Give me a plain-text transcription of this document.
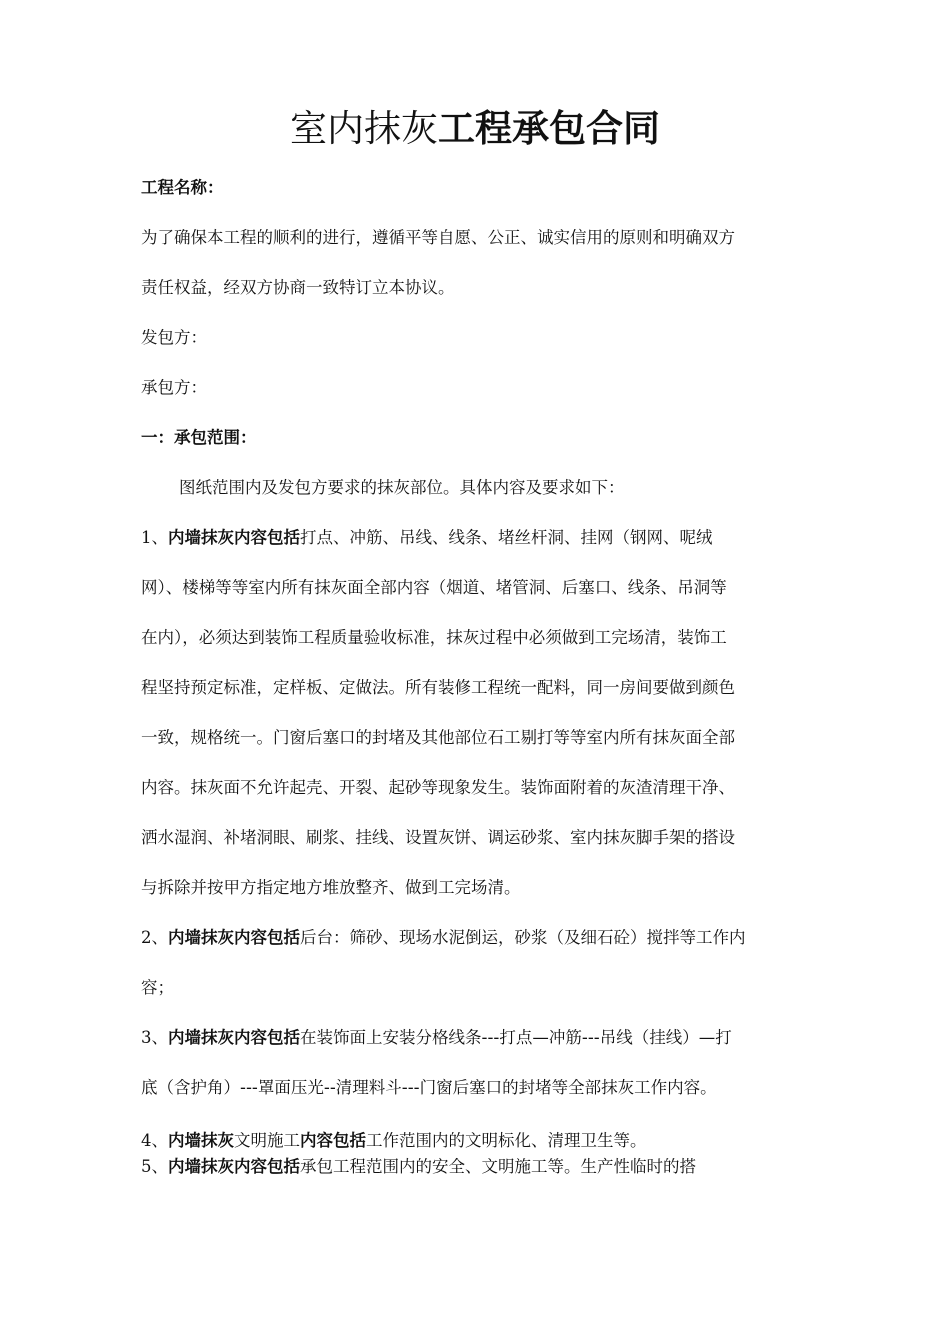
室内抹灰工程承包合同
工程名称：
为了确保本工程的顺利的进行，遵循平等自愿、公正、诚实信用的原则和明确双方
责任权益，经双方协商一致特订立本协议。
发包方：
承包方：
一：承包范围：
图纸范围内及发包方要求的抹灰部位。具体内容及要求如下：
1、内墙抹灰内容包括打点、冲筋、吊线、线条、堵丝杆洞、挂网（钢网、呢绒
网）、楼梯等等室内所有抹灰面全部内容（烟道、堵管洞、后塞口、线条、吊洞等
在内），必须达到装饰工程质量验收标准，抹灰过程中必须做到工完场清，装饰工
程坚持预定标准，定样板、定做法。所有装修工程统一配料，同一房间要做到颜色
一致，规格统一。门窗后塞口的封堵及其他部位石工剔打等等室内所有抹灰面全部
内容。抹灰面不允许起壳、开裂、起砂等现象发生。装饰面附着的灰渣清理干净、
洒水湿润、补堵洞眼、刷浆、挂线、设置灰饼、调运砂浆、室内抹灰脚手架的搭设
与拆除并按甲方指定地方堆放整齐、做到工完场清。
2、内墙抹灰内容包括后台：筛砂、现场水泥倒运，砂浆（及细石砼）搅拌等工作内
容；
3、内墙抹灰内容包括在装饰面上安装分格线条---打点—冲筋---吊线（挂线）—打
底（含护角）---罩面压光--清理料斗---门窗后塞口的封堵等全部抹灰工作内容。
4、内墙抹灰文明施工内容包括工作范围内的文明标化、清理卫生等。
5、内墙抹灰内容包括承包工程范围内的安全、文明施工等。生产性临时的搭
